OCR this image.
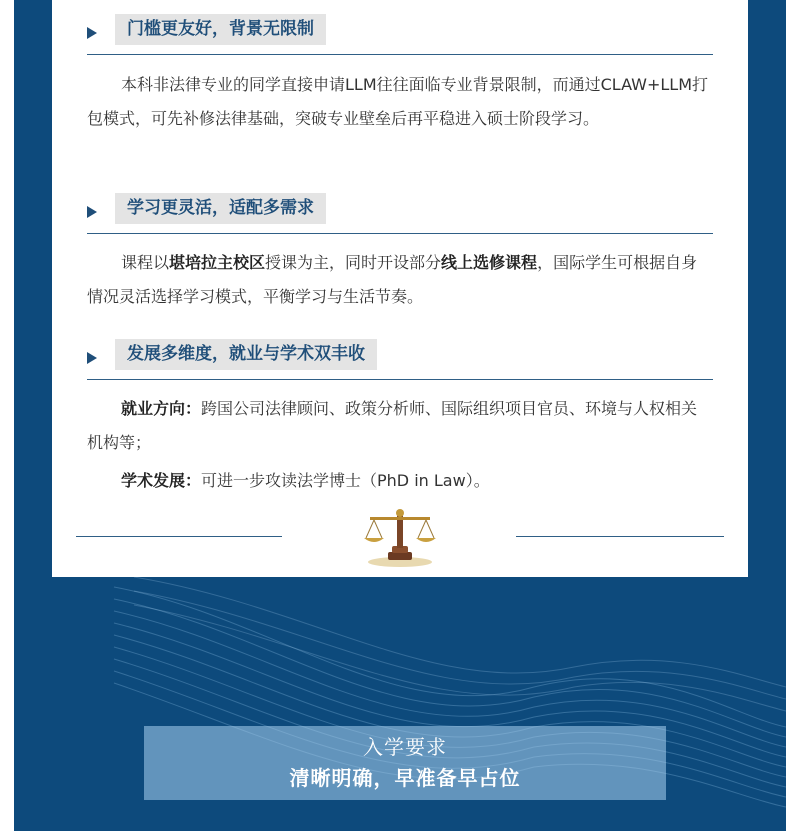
门槛更友好，背景无限制

本科非法律专业的同学直接申请LLM往往面临专业背景限制，而通过CLAW+LLM打包模式，可先补修法律基础，突破专业壁垒后再平稳进入硕士阶段学习。

学习更灵活，适配多需求

课程以堪培拉主校区授课为主，同时开设部分线上选修课程，国际学生可根据自身情况灵活选择学习模式，平衡学习与生活节奏。

发展多维度，就业与学术双丰收

就业方向：跨国公司法律顾问、政策分析师、国际组织项目官员、环境与人权相关机构等；

学术发展：可进一步攻读法学博士（PhD in Law）。

入学要求
清晰明确，早准备早占位
